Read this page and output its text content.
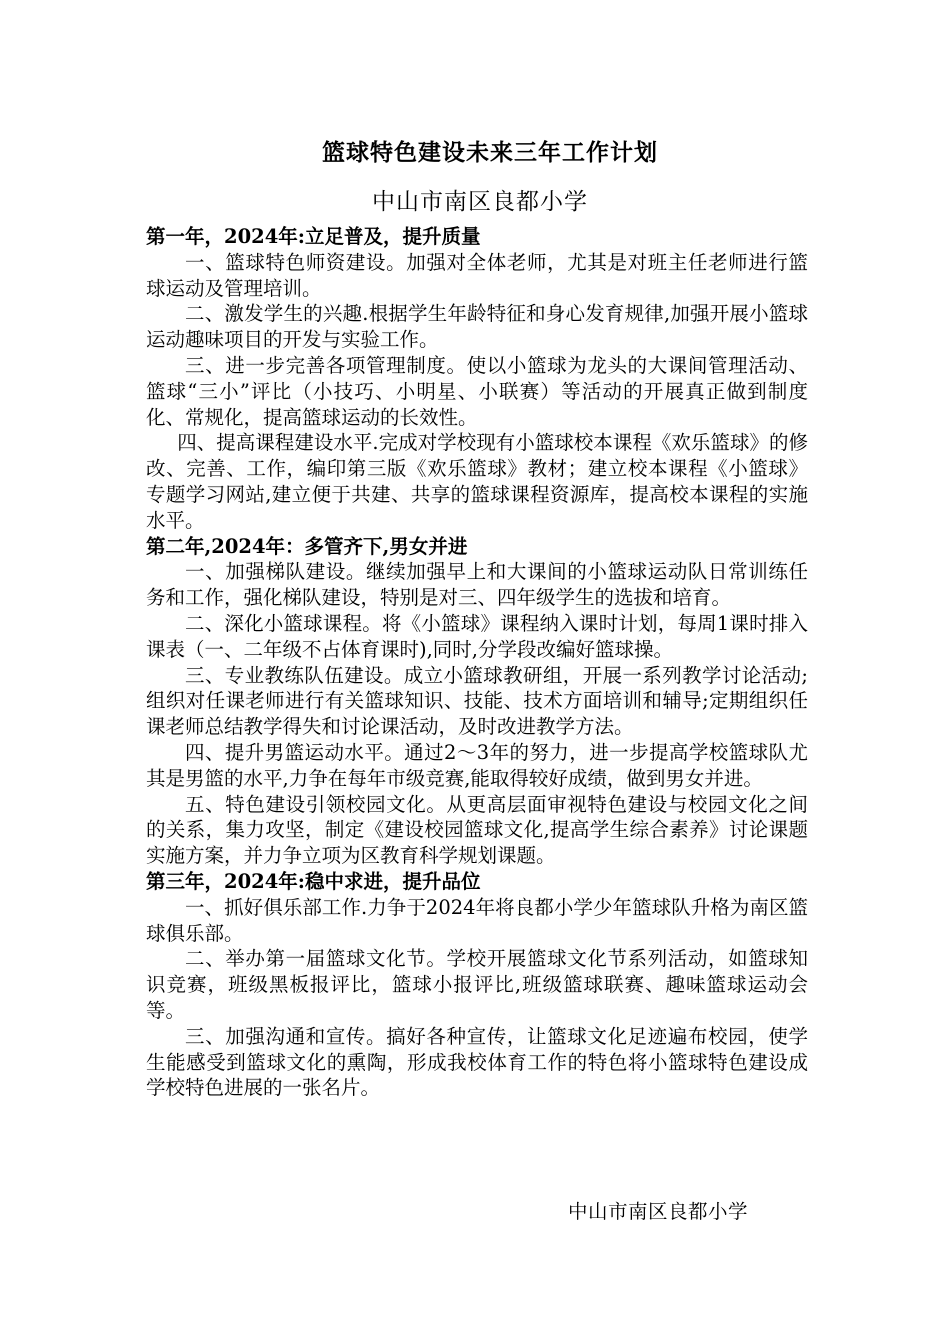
篮球特色建设未来三年工作计划
中山市南区良都小学

第一年，2024年:立足普及，提升质量

一、篮球特色师资建设。加强对全体老师，尤其是对班主任老师进行篮球运动及管理培训。

二、激发学生的兴趣.根据学生年龄特征和身心发育规律,加强开展小篮球运动趣味项目的开发与实验工作。

三、进一步完善各项管理制度。使以小篮球为龙头的大课间管理活动、篮球“三小”评比（小技巧、小明星、小联赛）等活动的开展真正做到制度化、常规化，提高篮球运动的长效性。

四、提高课程建设水平.完成对学校现有小篮球校本课程《欢乐篮球》的修改、完善、工作，编印第三版《欢乐篮球》教材；建立校本课程《小篮球》专题学习网站,建立便于共建、共享的篮球课程资源库，提高校本课程的实施水平。

第二年,2024年：多管齐下,男女并进

一、加强梯队建设。继续加强早上和大课间的小篮球运动队日常训练任务和工作，强化梯队建设，特别是对三、四年级学生的选拔和培育。

二、深化小篮球课程。将《小篮球》课程纳入课时计划，每周1课时排入课表（一、二年级不占体育课时),同时,分学段改编好篮球操。

三、专业教练队伍建设。成立小篮球教研组，开展一系列教学讨论活动;组织对任课老师进行有关篮球知识、技能、技术方面培训和辅导;定期组织任课老师总结教学得失和讨论课活动，及时改进教学方法。

四、提升男篮运动水平。通过2～3年的努力，进一步提高学校篮球队尤其是男篮的水平,力争在每年市级竞赛,能取得较好成绩，做到男女并进。

五、特色建设引领校园文化。从更高层面审视特色建设与校园文化之间的关系，集力攻坚，制定《建设校园篮球文化,提高学生综合素养》讨论课题实施方案，并力争立项为区教育科学规划课题。

第三年，2024年:稳中求进，提升品位

一、抓好俱乐部工作.力争于2024年将良都小学少年篮球队升格为南区篮球俱乐部。

二、举办第一届篮球文化节。学校开展篮球文化节系列活动，如篮球知识竞赛，班级黑板报评比，篮球小报评比,班级篮球联赛、趣味篮球运动会等。

三、加强沟通和宣传。搞好各种宣传，让篮球文化足迹遍布校园，使学生能感受到篮球文化的熏陶，形成我校体育工作的特色将小篮球特色建设成学校特色进展的一张名片。

中山市南区良都小学
